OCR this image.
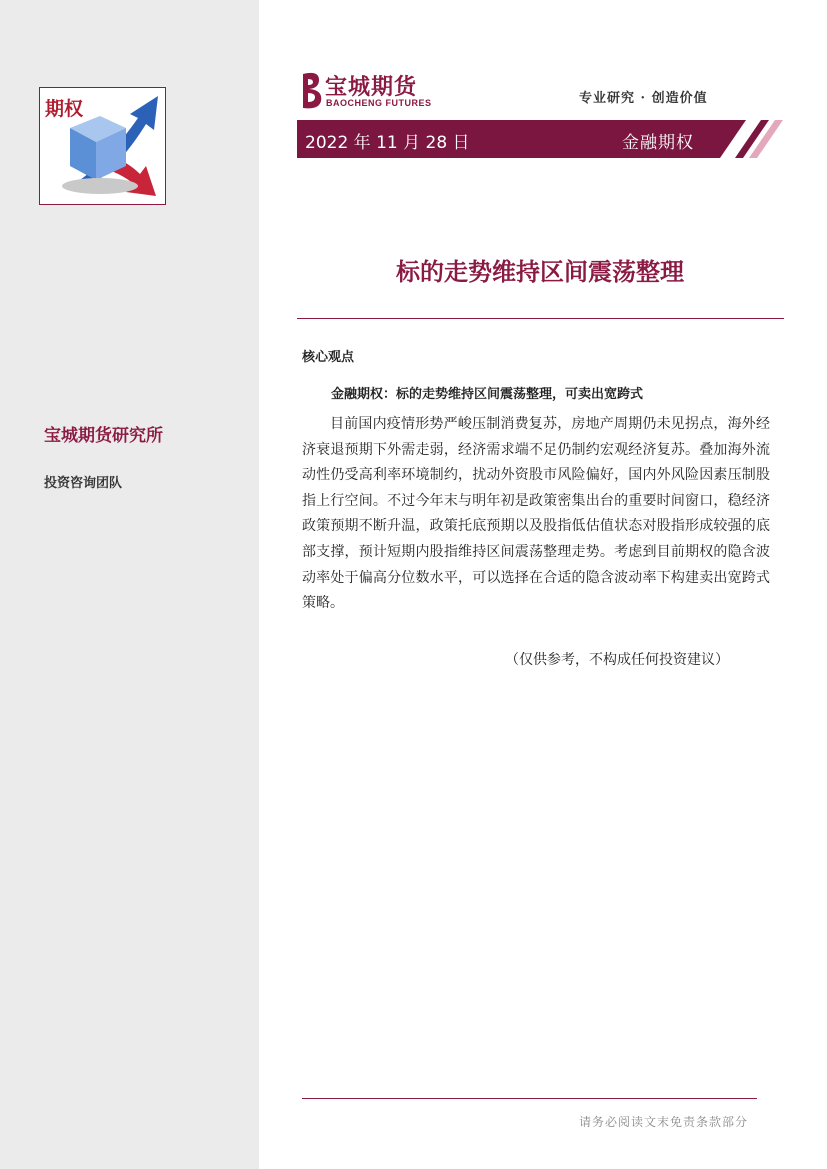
期权
宝城期货研究所
投资咨询团队
宝城期货
BAOCHENG FUTURES	专业研究 · 创造价值
2022 年 11 月 28 日	金融期权
标的走势维持区间震荡整理
核心观点
金融期权：标的走势维持区间震荡整理，可卖出宽跨式

目前国内疫情形势严峻压制消费复苏，房地产周期仍未见拐点，海外经济衰退预期下外需走弱，经济需求端不足仍制约宏观经济复苏。叠加海外流动性仍受高利率环境制约，扰动外资股市风险偏好，国内外风险因素压制股指上行空间。不过今年末与明年初是政策密集出台的重要时间窗口，稳经济政策预期不断升温，政策托底预期以及股指低估值状态对股指形成较强的底部支撑，预计短期内股指维持区间震荡整理走势。考虑到目前期权的隐含波动率处于偏高分位数水平，可以选择在合适的隐含波动率下构建卖出宽跨式策略。

（仅供参考，不构成任何投资建议）
请务必阅读文末免责条款部分
